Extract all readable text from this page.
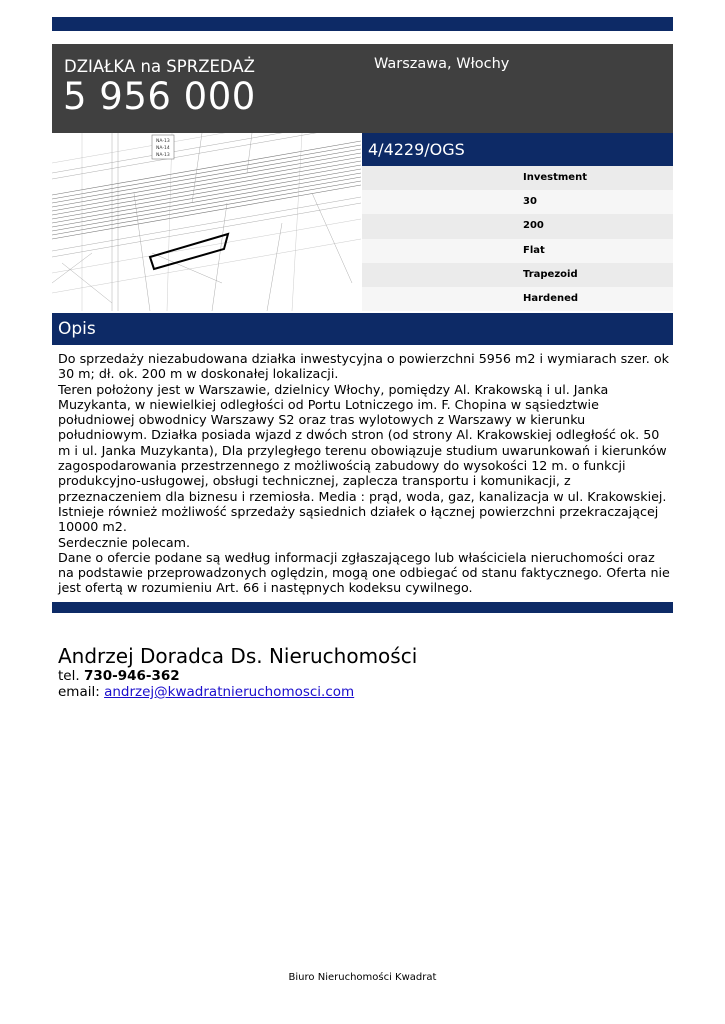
DZIAŁKA na SPRZEDAŻ
5 956 000
Warszawa, Włochy
NA-13
NA-14
NA-13	4/4229/OGS
Investment
30
200
Flat
Trapezoid
Hardened
Opis

Do sprzedaży niezabudowana działka inwestycyjna o powierzchni 5956 m2 i wymiarach szer. ok 30 m; dł. ok. 200 m w doskonałej lokalizacji.

Teren położony jest w Warszawie, dzielnicy Włochy, pomiędzy Al. Krakowską i ul. Janka Muzykanta, w niewielkiej odległości od Portu Lotniczego im. F. Chopina w sąsiedztwie południowej obwodnicy Warszawy S2 oraz tras wylotowych z Warszawy w kierunku południowym. Działka posiada wjazd z dwóch stron (od strony Al. Krakowskiej odległość ok. 50 m i ul. Janka Muzykanta), Dla przyległego terenu obowiązuje studium uwarunkowań i kierunków zagospodarowania przestrzennego z możliwością zabudowy do wysokości 12 m. o funkcji produkcyjno-usługowej, obsługi technicznej, zaplecza transportu i komunikacji, z przeznaczeniem dla biznesu i rzemiosła. Media : prąd, woda, gaz, kanalizacja w ul. Krakowskiej.

Istnieje również możliwość sprzedaży sąsiednich działek o łącznej powierzchni przekraczającej 10000 m2.

Serdecznie polecam.

Dane o ofercie podane są według informacji zgłaszającego lub właściciela nieruchomości oraz na podstawie przeprowadzonych oględzin, mogą one odbiegać od stanu faktycznego. Oferta nie jest ofertą w rozumieniu Art. 66 i następnych kodeksu cywilnego.

Andrzej Doradca Ds. Nieruchomości
tel. 730-946-362
email: andrzej@kwadratnieruchomosci.com
Biuro Nieruchomości Kwadrat
